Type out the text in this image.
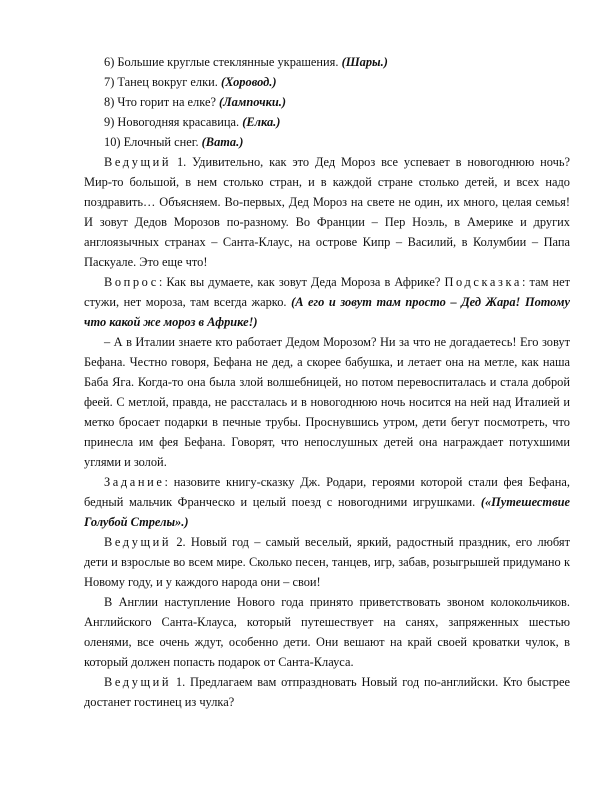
6) Большие круглые стеклянные украшения. (Шары.)
7) Танец вокруг елки. (Хоровод.)
8) Что горит на елке? (Лампочки.)
9) Новогодняя красавица. (Елка.)
10) Елочный снег. (Вата.)

Ведущий 1. Удивительно, как это Дед Мороз все успевает в новогоднюю ночь? Мир-то большой, в нем столько стран, и в каждой стране столько детей, и всех надо поздравить… Объясняем. Во-первых, Дед Мороз на свете не один, их много, целая семья! И зовут Дедов Морозов по-разному. Во Франции – Пер Ноэль, в Америке и других англоязычных странах – Санта-Клаус, на острове Кипр – Василий, в Колумбии – Папа Паскуале. Это еще что!

Вопрос: Как вы думаете, как зовут Деда Мороза в Африке? Подсказка: там нет стужи, нет мороза, там всегда жарко. (А его и зовут там просто – Дед Жара! Потому что какой же мороз в Африке!)

– А в Италии знаете кто работает Дедом Морозом? Ни за что не догадаетесь! Его зовут Бефана. Честно говоря, Бефана не дед, а скорее бабушка, и летает она на метле, как наша Баба Яга. Когда-то она была злой волшебницей, но потом перевоспиталась и стала доброй феей. С метлой, правда, не рассталась и в новогоднюю ночь носится на ней над Италией и метко бросает подарки в печные трубы. Проснувшись утром, дети бегут посмотреть, что принесла им фея Бефана. Говорят, что непослушных детей она награждает потухшими углями и золой.

Задание: назовите книгу-сказку Дж. Родари, героями которой стали фея Бефана, бедный мальчик Франческо и целый поезд с новогодними игрушками. («Путешествие Голубой Стрелы».)

Ведущий 2. Новый год – самый веселый, яркий, радостный праздник, его любят дети и взрослые во всем мире. Сколько песен, танцев, игр, забав, розыгрышей придумано к Новому году, и у каждого народа они – свои!

В Англии наступление Нового года принято приветствовать звоном колокольчиков. Английского Санта-Клауса, который путешествует на санях, запряженных шестью оленями, все очень ждут, особенно дети. Они вешают на край своей кроватки чулок, в который должен попасть подарок от Санта-Клауса.

Ведущий 1. Предлагаем вам отпраздновать Новый год по-английски. Кто быстрее достанет гостинец из чулка?
